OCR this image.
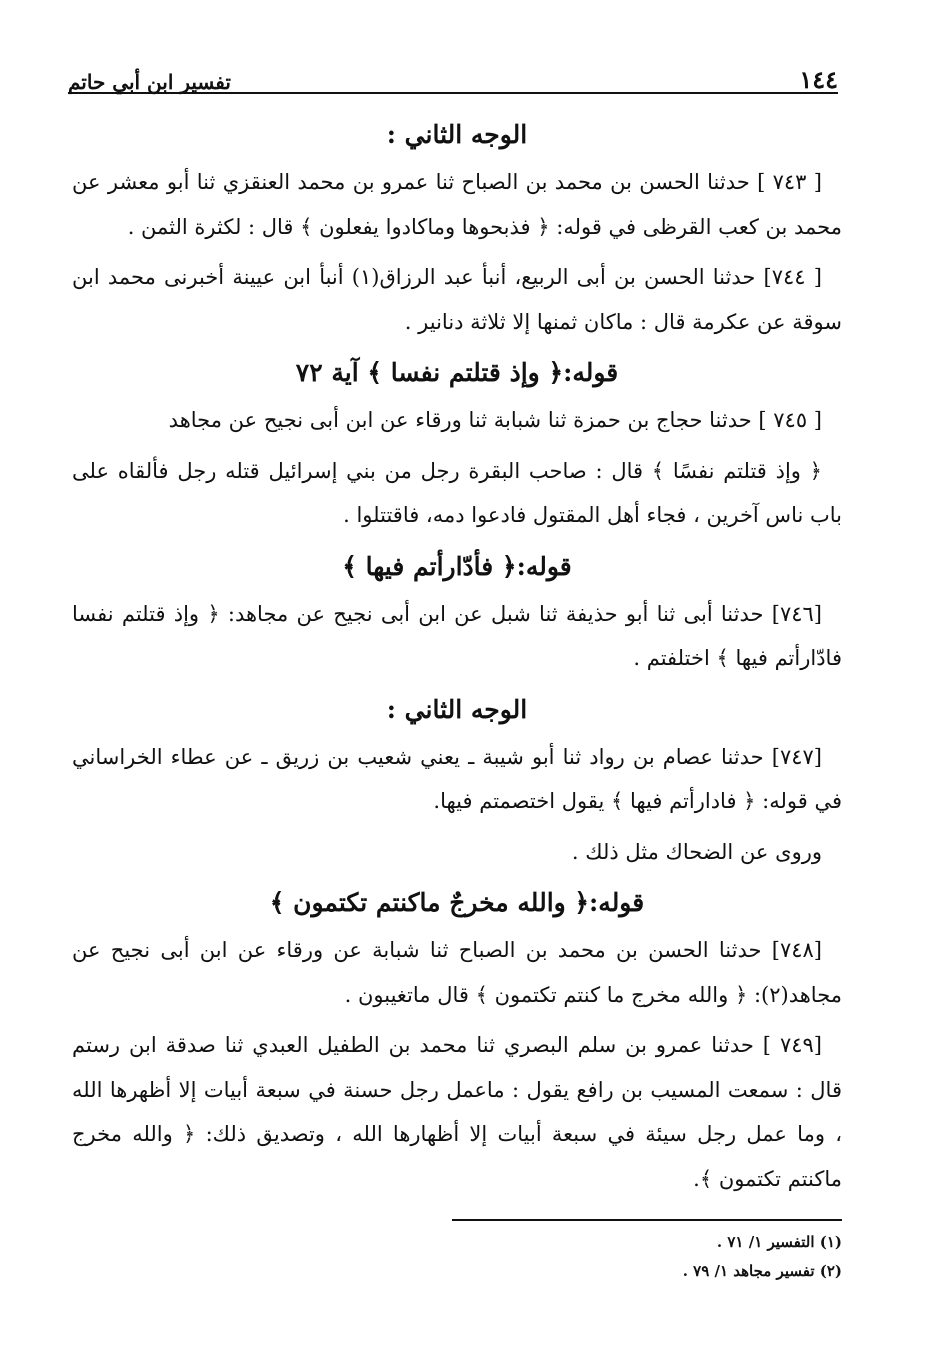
١٤٤
تفسير ابن أبي حاتم
الوجه الثاني :

[ ٧٤٣ ] حدثنا الحسن بن محمد بن الصباح ثنا عمرو بن محمد العنقزي ثنا أبو معشر عن محمد بن كعب القرظى في قوله: ﴿ فذبحوها وماكادوا يفعلون ﴾ قال : لكثرة الثمن .

[ ٧٤٤] حدثنا الحسن بن أبى الربيع، أنبأ عبد الرزاق(١) أنبأ ابن عيينة أخبرنى محمد ابن سوقة عن عكرمة قال : ماكان ثمنها إلا ثلاثة دنانير .

قوله:﴿ وإذ قتلتم نفسا ﴾ آية ٧٢

[ ٧٤٥ ] حدثنا حجاج بن حمزة ثنا شبابة ثنا ورقاء عن ابن أبى نجيح عن مجاهد

﴿ وإذ قتلتم نفسًا ﴾ قال : صاحب البقرة رجل من بني إسرائيل قتله رجل فألقاه على باب ناس آخرين ، فجاء أهل المقتول فادعوا دمه، فاقتتلوا .

قوله:﴿ فأدّارأتم فيها ﴾

[٧٤٦] حدثنا أبى ثنا أبو حذيفة ثنا شبل عن ابن أبى نجيح عن مجاهد: ﴿ وإذ قتلتم نفسا فادّارأتم فيها ﴾ اختلفتم .

الوجه الثاني :

[٧٤٧] حدثنا عصام بن رواد ثنا أبو شيبة ـ يعني شعيب بن زريق ـ عن عطاء الخراساني في قوله: ﴿ فادارأتم فيها ﴾ يقول اختصمتم فيها.

وروى عن الضحاك مثل ذلك .

قوله:﴿ والله مخرجٌ ماكنتم تكتمون ﴾

[٧٤٨] حدثنا الحسن بن محمد بن الصباح ثنا شبابة عن ورقاء عن ابن أبى نجيح عن مجاهد(٢): ﴿ والله مخرج ما كنتم تكتمون ﴾ قال ماتغيبون .

[٧٤٩ ] حدثنا عمرو بن سلم البصري ثنا محمد بن الطفيل العبدي ثنا صدقة ابن رستم قال : سمعت المسيب بن رافع يقول : ماعمل رجل حسنة في سبعة أبيات إلا أظهرها الله ، وما عمل رجل سيئة في سبعة أبيات إلا أظهارها الله ، وتصديق ذلك: ﴿ والله مخرج ماكنتم تكتمون ﴾.

(١) التفسير ١/ ٧١ .
(٢) تفسير مجاهد ١/ ٧٩ .
